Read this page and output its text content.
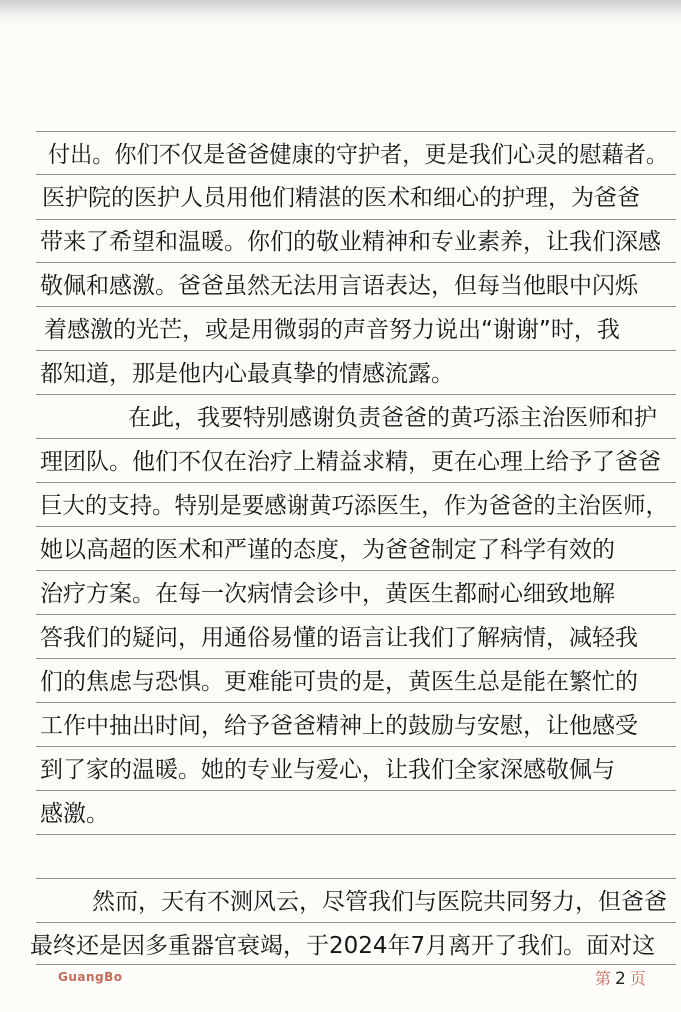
付出。你们不仅是爸爸健康的守护者，更是我们心灵的慰藉者。
医护院的医护人员用他们精湛的医术和细心的护理，为爸爸
带来了希望和温暖。你们的敬业精神和专业素养，让我们深感
敬佩和感激。爸爸虽然无法用言语表达，但每当他眼中闪烁
着感激的光芒，或是用微弱的声音努力说出“谢谢”时，我
都知道，那是他内心最真挚的情感流露。
在此，我要特别感谢负责爸爸的黄巧添主治医师和护
理团队。他们不仅在治疗上精益求精，更在心理上给予了爸爸
巨大的支持。特别是要感谢黄巧添医生，作为爸爸的主治医师，
她以高超的医术和严谨的态度，为爸爸制定了科学有效的
治疗方案。在每一次病情会诊中，黄医生都耐心细致地解
答我们的疑问，用通俗易懂的语言让我们了解病情，减轻我
们的焦虑与恐惧。更难能可贵的是，黄医生总是能在繁忙的
工作中抽出时间，给予爸爸精神上的鼓励与安慰，让他感受
到了家的温暖。她的专业与爱心，让我们全家深感敬佩与
感激。
然而，天有不测风云，尽管我们与医院共同努力，但爸爸
最终还是因多重器官衰竭，于2024年7月离开了我们。面对这
GuangBo	第 2 页
